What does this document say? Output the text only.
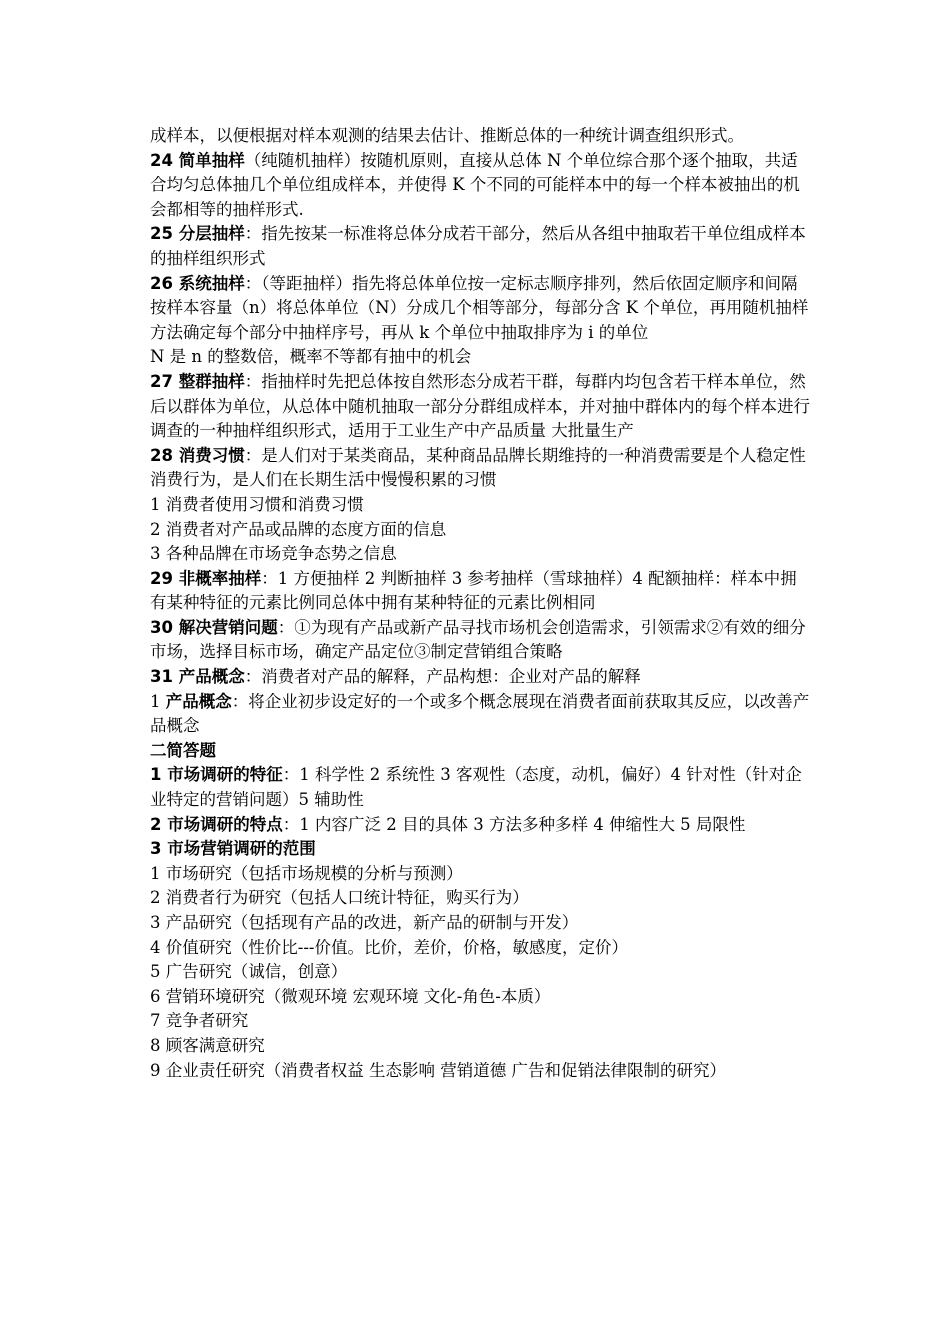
成样本，以便根据对样本观测的结果去估计、推断总体的一种统计调查组织形式。

24 简单抽样（纯随机抽样）按随机原则，直接从总体 N 个单位综合那个逐个抽取，共适合均匀总体抽几个单位组成样本，并使得 K 个不同的可能样本中的每一个样本被抽出的机会都相等的抽样形式.

25 分层抽样：指先按某一标准将总体分成若干部分，然后从各组中抽取若干单位组成样本的抽样组织形式

26 系统抽样：（等距抽样）指先将总体单位按一定标志顺序排列，然后依固定顺序和间隔按样本容量（n）将总体单位（N）分成几个相等部分，每部分含 K 个单位，再用随机抽样方法确定每个部分中抽样序号，再从 k 个单位中抽取排序为 i 的单位

N 是 n 的整数倍，概率不等都有抽中的机会

27 整群抽样：指抽样时先把总体按自然形态分成若干群，每群内均包含若干样本单位，然后以群体为单位，从总体中随机抽取一部分分群组成样本，并对抽中群体内的每个样本进行调查的一种抽样组织形式，适用于工业生产中产品质量 大批量生产

28 消费习惯：是人们对于某类商品，某种商品品牌长期维持的一种消费需要是个人稳定性消费行为，是人们在长期生活中慢慢积累的习惯

1 消费者使用习惯和消费习惯

2 消费者对产品或品牌的态度方面的信息

3 各种品牌在市场竞争态势之信息

29 非概率抽样：1 方便抽样 2 判断抽样 3 参考抽样（雪球抽样）4 配额抽样：样本中拥有某种特征的元素比例同总体中拥有某种特征的元素比例相同

30 解决营销问题：①为现有产品或新产品寻找市场机会创造需求，引领需求②有效的细分市场，选择目标市场，确定产品定位③制定营销组合策略

31 产品概念：消费者对产品的解释，产品构想：企业对产品的解释

1 产品概念：将企业初步设定好的一个或多个概念展现在消费者面前获取其反应，以改善产品概念

二简答题

1 市场调研的特征：1 科学性 2 系统性 3 客观性（态度，动机，偏好）4 针对性（针对企业特定的营销问题）5 辅助性

2 市场调研的特点：1 内容广泛 2 目的具体 3 方法多种多样 4 伸缩性大 5 局限性

3 市场营销调研的范围

1 市场研究（包括市场规模的分析与预测）

2 消费者行为研究（包括人口统计特征，购买行为）

3 产品研究（包括现有产品的改进，新产品的研制与开发）

4 价值研究（性价比---价值。比价，差价，价格，敏感度，定价）

5 广告研究（诚信，创意）

6 营销环境研究（微观环境 宏观环境 文化-角色-本质）

7 竞争者研究

8 顾客满意研究

9 企业责任研究（消费者权益 生态影响 营销道德 广告和促销法律限制的研究）
